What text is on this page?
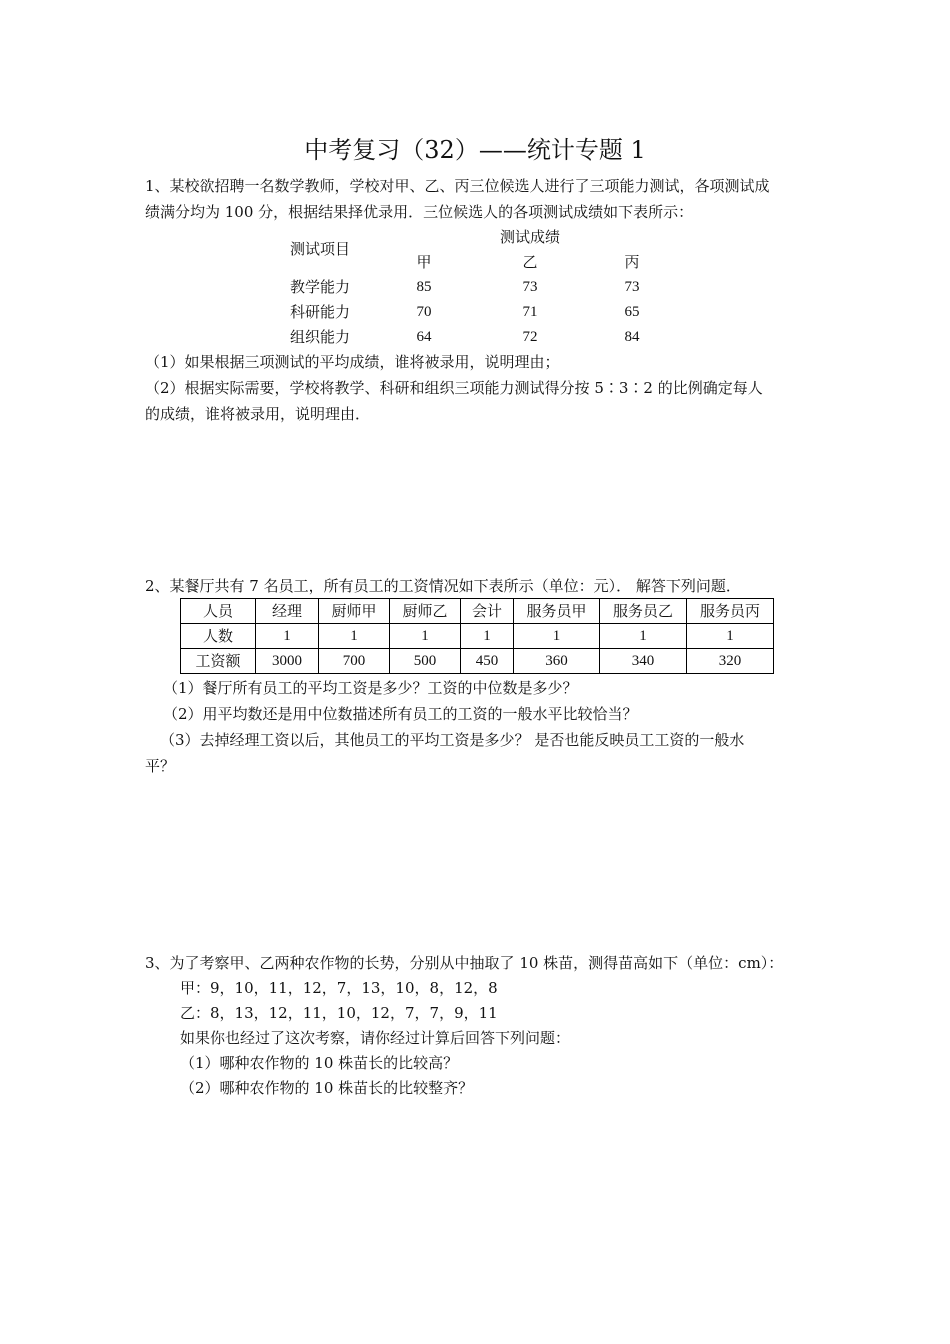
中考复习（32）——统计专题 1
1、某校欲招聘一名数学教师，学校对甲、乙、丙三位候选人进行了三项能力测试，各项测试成
绩满分均为 100 分，根据结果择优录用．三位候选人的各项测试成绩如下表所示：
测试项目
测试成绩
甲	乙	丙
教学能力	85	73	73
科研能力	70	71	65
组织能力	64	72	84
（1）如果根据三项测试的平均成绩，谁将被录用，说明理由；
（2）根据实际需要，学校将教学、科研和组织三项能力测试得分按 5∶3∶2 的比例确定每人
的成绩，谁将被录用，说明理由．
2、某餐厅共有 7 名员工，所有员工的工资情况如下表所示（单位：元）． 解答下列问题．
人员	经理	厨师甲	厨师乙	会计	服务员甲	服务员乙	服务员丙
人数	1	1	1	1	1	1	1
工资额	3000	700	500	450	360	340	320
（1）餐厅所有员工的平均工资是多少？工资的中位数是多少？
（2）用平均数还是用中位数描述所有员工的工资的一般水平比较恰当？
（3）去掉经理工资以后，其他员工的平均工资是多少？ 是否也能反映员工工资的一般水
平？
3、为了考察甲、乙两种农作物的长势，分别从中抽取了 10 株苗，测得苗高如下（单位：cm）：
甲：9，10，11，12，7，13，10，8，12，8
乙：8，13，12，11，10，12，7，7，9，11
如果你也经过了这次考察，请你经过计算后回答下列问题：
（1）哪种农作物的 10 株苗长的比较高？
（2）哪种农作物的 10 株苗长的比较整齐？
